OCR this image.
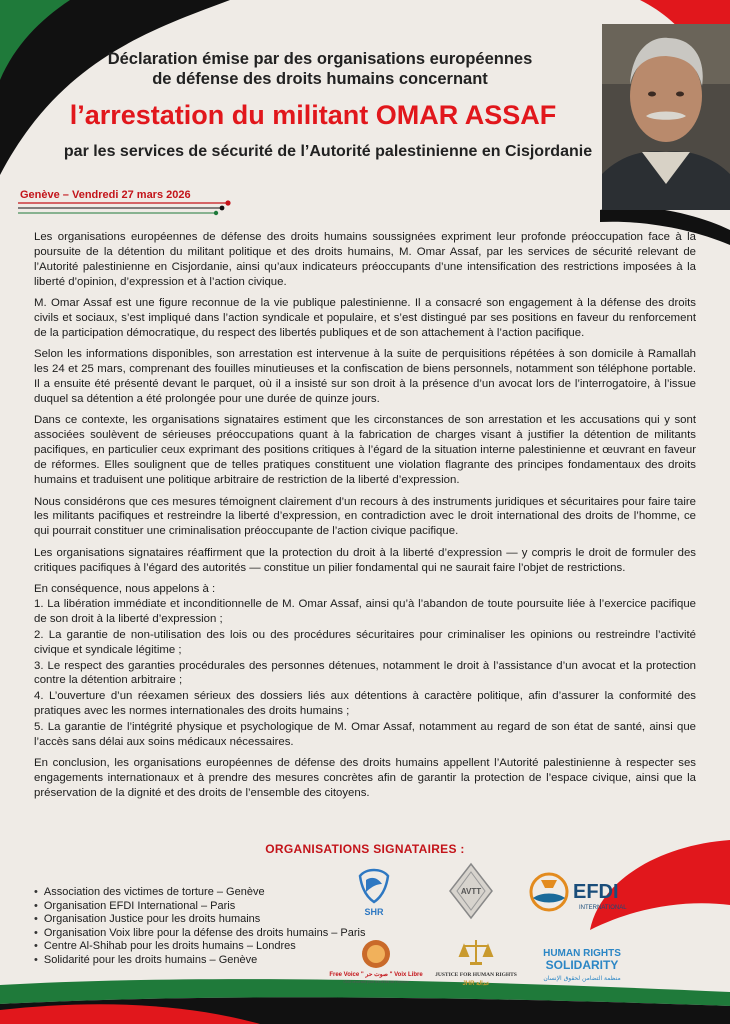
Déclaration émise par des organisations européennes
de défense des droits humains concernant
l’arrestation du militant OMAR ASSAF
par les services de sécurité de l’Autorité palestinienne en Cisjordanie
Genève – Vendredi 27 mars 2026

Les organisations européennes de défense des droits humains soussignées expriment leur profonde préoccupation face à la poursuite de la détention du militant politique et des droits humains, M. Omar Assaf, par les services de sécurité relevant de l’Autorité palestinienne en Cisjordanie, ainsi qu’aux indicateurs préoccupants d’une intensification des restrictions imposées à la liberté d’opinion, d’expression et à l’action civique.

M. Omar Assaf est une figure reconnue de la vie publique palestinienne. Il a consacré son engagement à la défense des droits civils et sociaux, s’est impliqué dans l’action syndicale et populaire, et s’est distingué par ses positions en faveur du renforcement de la participation démocratique, du respect des libertés publiques et de son attachement à l’action pacifique.

Selon les informations disponibles, son arrestation est intervenue à la suite de perquisitions répétées à son domicile à Ramallah les 24 et 25 mars, comprenant des fouilles minutieuses et la confiscation de biens personnels, notamment son téléphone portable. Il a ensuite été présenté devant le parquet, où il a insisté sur son droit à la présence d’un avocat lors de l’interrogatoire, à l’issue duquel sa détention a été prolongée pour une durée de quinze jours.

Dans ce contexte, les organisations signataires estiment que les circonstances de son arrestation et les accusations qui y sont associées soulèvent de sérieuses préoccupations quant à la fabrication de charges visant à justifier la détention de militants pacifiques, en particulier ceux exprimant des positions critiques à l’égard de la situation interne palestinienne et œuvrant en faveur de réformes. Elles soulignent que de telles pratiques constituent une violation flagrante des principes fondamentaux des droits humains et traduisent une politique arbitraire de restriction de la liberté d’expression.

Nous considérons que ces mesures témoignent clairement d’un recours à des instruments juridiques et sécuritaires pour faire taire les militants pacifiques et restreindre la liberté d’expression, en contradiction avec le droit international des droits de l’homme, ce qui pourrait constituer une criminalisation préoccupante de l’action civique pacifique.

Les organisations signataires réaffirment que la protection du droit à la liberté d’expression — y compris le droit de formuler des critiques pacifiques à l’égard des autorités — constitue un pilier fondamental qui ne saurait faire l’objet de restrictions.

En conséquence, nous appelons à :

1. La libération immédiate et inconditionnelle de M. Omar Assaf, ainsi qu’à l’abandon de toute poursuite liée à l’exercice pacifique de son droit à la liberté d’expression ;

2. La garantie de non-utilisation des lois ou des procédures sécuritaires pour criminaliser les opinions ou restreindre l’activité civique et syndicale légitime ;

3. Le respect des garanties procédurales des personnes détenues, notamment le droit à l’assistance d’un avocat et la protection contre la détention arbitraire ;

4. L’ouverture d’un réexamen sérieux des dossiers liés aux détentions à caractère politique, afin d’assurer la conformité des pratiques avec les normes internationales des droits humains ;

5. La garantie de l’intégrité physique et psychologique de M. Omar Assaf, notamment au regard de son état de santé, ainsi que l’accès sans délai aux soins médicaux nécessaires.

En conclusion, les organisations européennes de défense des droits humains appellent l’Autorité palestinienne à respecter ses engagements internationaux et à prendre des mesures concrètes afin de garantir la protection de l’espace civique, ainsi que la préservation de la dignité et des droits de l’ensemble des citoyens.

ORGANISATIONS SIGNATAIRES :
• Association des victimes de torture – Genève
• Organisation EFDI International – Paris
• Organisation Justice pour les droits humains
• Organisation Voix libre pour la défense des droits humains – Paris
• Centre Al-Shihab pour les droits humains – Londres
• Solidarité pour les droits humains – Genève
SHR
AVTT	EFDI
INTERNATIONAL
Free Voice " صوت حر " Voix Libre
ONG œuvrant pour les droits de l'homme
JUSTICE FOR HUMAN RIGHTS
JHR عدالة
HUMAN RIGHTS
SOLIDARITY
منظمة التضامن لحقوق الإنسان
